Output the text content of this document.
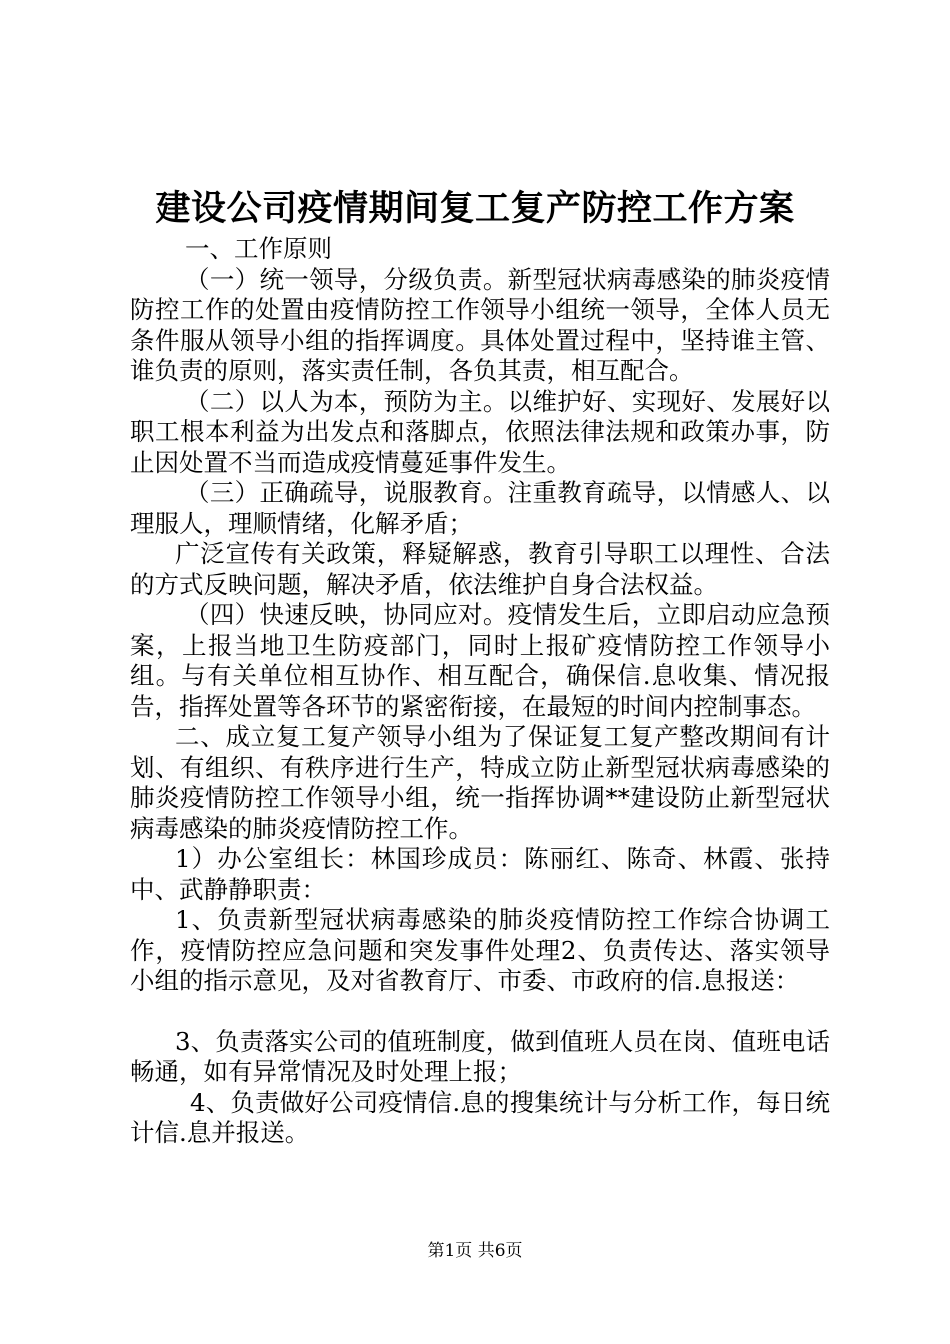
建设公司疫情期间复工复产防控工作方案

一、工作原则

（一）统一领导，分级负责。新型冠状病毒感染的肺炎疫情防控工作的处置由疫情防控工作领导小组统一领导，全体人员无条件服从领导小组的指挥调度。具体处置过程中，坚持谁主管、谁负责的原则，落实责任制，各负其责，相互配合。

（二）以人为本，预防为主。以维护好、实现好、发展好以职工根本利益为出发点和落脚点，依照法律法规和政策办事，防止因处置不当而造成疫情蔓延事件发生。

（三）正确疏导，说服教育。注重教育疏导，以情感人、以理服人，理顺情绪，化解矛盾；

广泛宣传有关政策，释疑解惑，教育引导职工以理性、合法的方式反映问题，解决矛盾，依法维护自身合法权益。

（四）快速反映，协同应对。疫情发生后，立即启动应急预案，上报当地卫生防疫部门，同时上报矿疫情防控工作领导小组。与有关单位相互协作、相互配合，确保信.息收集、情况报告，指挥处置等各环节的紧密衔接，在最短的时间内控制事态。

二、成立复工复产领导小组为了保证复工复产整改期间有计划、有组织、有秩序进行生产，特成立防止新型冠状病毒感染的肺炎疫情防控工作领导小组，统一指挥协调**建设防止新型冠状病毒感染的肺炎疫情防控工作。

1）办公室组长：林国珍成员：陈丽红、陈奇、林霞、张持中、武静静职责：

1、负责新型冠状病毒感染的肺炎疫情防控工作综合协调工作，疫情防控应急问题和突发事件处理2、负责传达、落实领导小组的指示意见，及对省教育厅、市委、市政府的信.息报送：

3、负责落实公司的值班制度，做到值班人员在岗、值班电话畅通，如有异常情况及时处理上报；

4、负责做好公司疫情信.息的搜集统计与分析工作，每日统计信.息并报送。

第1页 共6页
